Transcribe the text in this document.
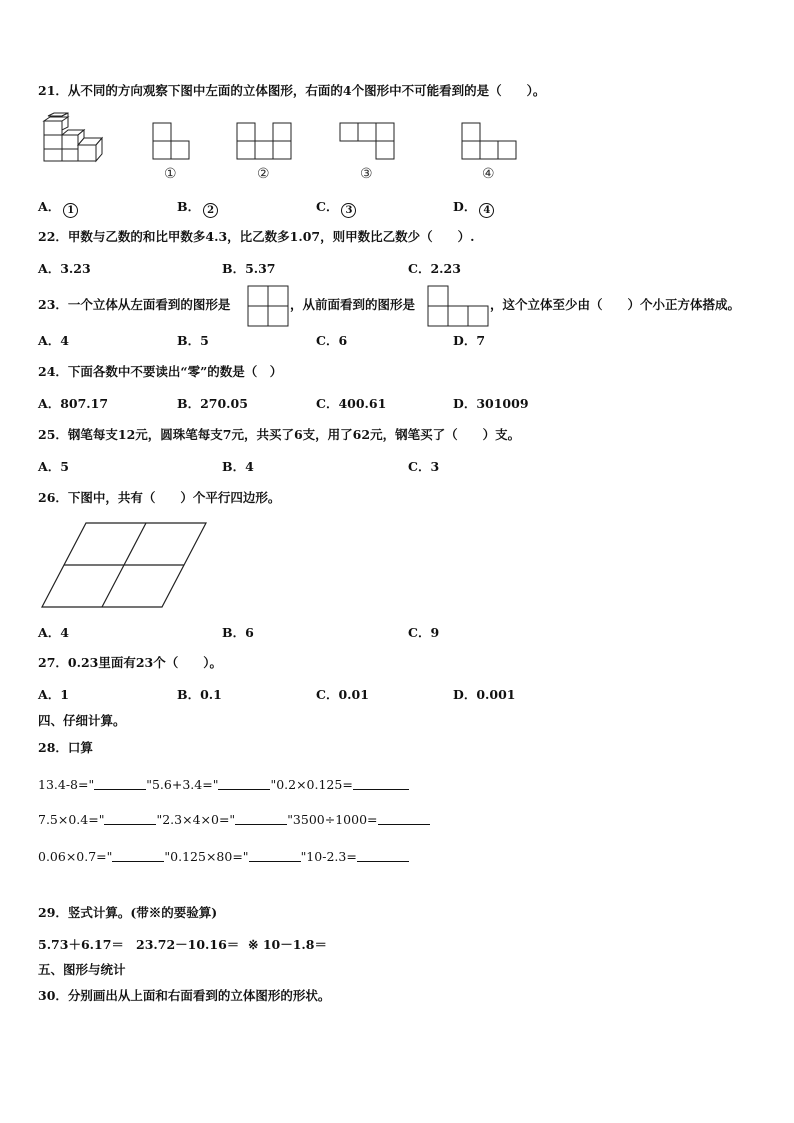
21．从不同的方向观察下图中左面的立体图形，右面的4个图形中不可能看到的是（　　）。
①	②	③	④
A． 1	B． 2	C． 3	D． 4
22．甲数与乙数的和比甲数多4.3，比乙数多1.07，则甲数比乙数少（　　）.
A．3.23	B．5.37	C．2.23
23．一个立体从左面看到的图形是	，从前面看到的图形是	，这个立体至少由（　　）个小正方体搭成。
A．4	B．5	C．6	D．7
24．下面各数中不要读出“零”的数是（　）
A．807.17	B．270.05	C．400.61	D．301009
25．钢笔每支12元，圆珠笔每支7元，共买了6支，用了62元，钢笔买了（　　）支。
A．5	B．4	C．3
26．下图中，共有（　　）个平行四边形。
A．4	B．6	C．9
27．0.23里面有23个（　　）。
A．1	B．0.1	C．0.01	D．0.001
四、仔细计算。
28．口算
13.4-8="	"5.6+3.4="	"0.2×0.125=
7.5×0.4="	"2.3×4×0="	"3500÷1000=
0.06×0.7="	"0.125×80="	"10-2.3=
29．竖式计算。(带※的要验算)
5.73＋6.17＝ 23.72－10.16＝ ※ 10－1.8＝
五、图形与统计
30．分别画出从上面和右面看到的立体图形的形状。
